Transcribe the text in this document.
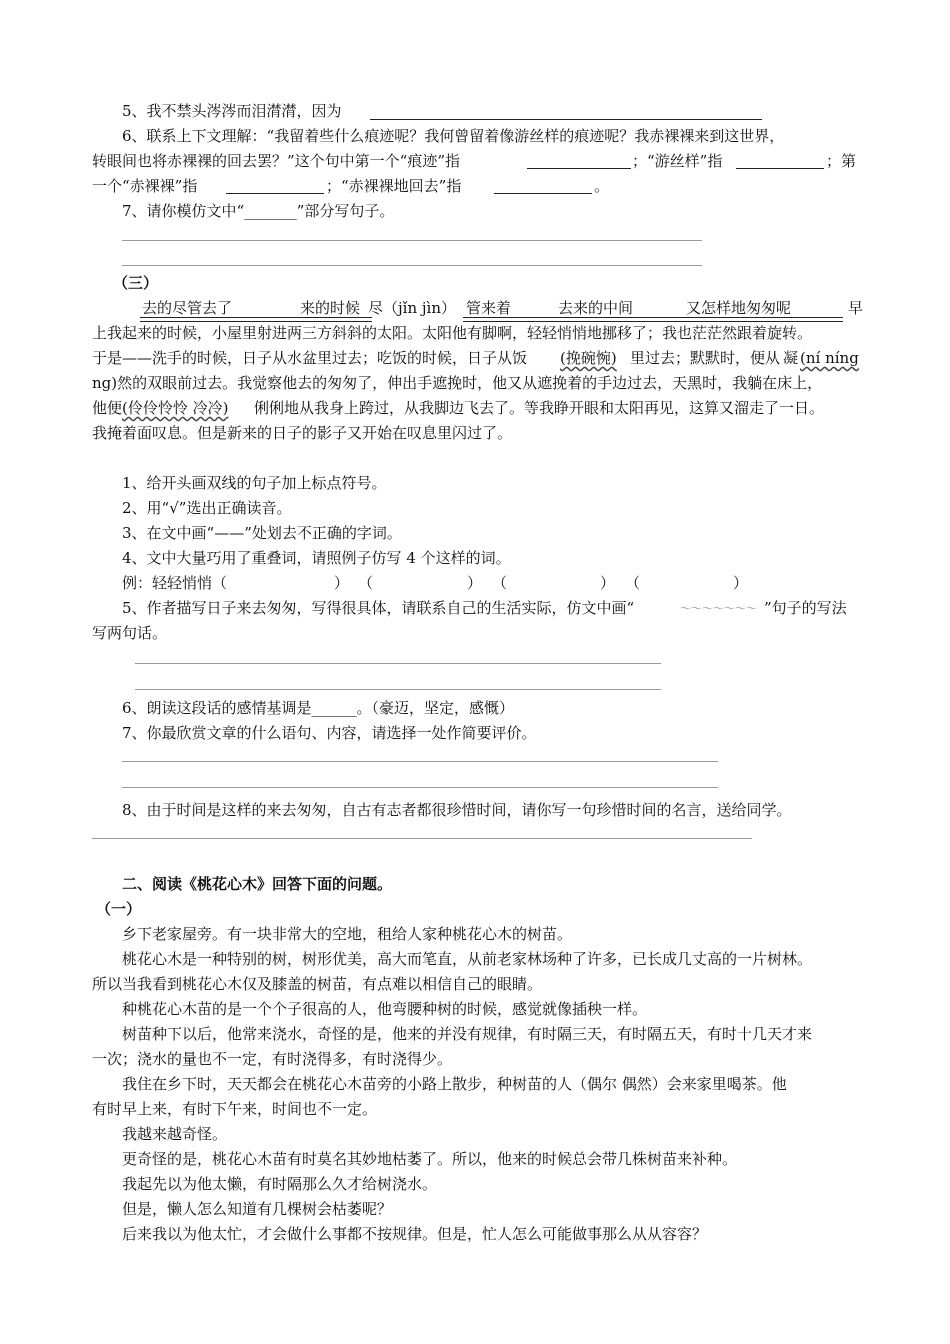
5、我不禁头涔涔而泪潸潸，因为
6、联系上下文理解：“我留着些什么痕迹呢？我何曾留着像游丝样的痕迹呢？我赤裸裸来到这世界，
转眼间也将赤裸裸的回去罢？”这个句中第一个“痕迹”指	；“游丝样”指	；第
一个“赤裸裸”指	；“赤裸裸地回去”指	。
7、请你模仿文中“_______”部分写句子。
（三）
去的尽管去了	来的时候 尽 （jǐn jìn） 管来着	去来的中间	又怎样地匆匆呢	早
上我起来的时候，小屋里射进两三方斜斜的太阳。太阳他有脚啊，轻轻悄悄地挪移了；我也茫茫然跟着旋转。
于是——洗手的时候，日子从水盆里过去；吃饭的时候，日子从饭 (挽碗惋) 里过去；默默时，便从 凝 (ní níng
ng)然的双眼前过去。我觉察他去的匆匆了，伸出手遮挽时，他又从遮挽着的手边过去，天黑时，我躺在床上，
他便 (伶伶怜怜 冷冷) 俐俐地从我身上跨过，从我脚边飞去了。等我睁开眼和太阳再见，这算又溜走了一日。
我掩着面叹息。但是新来的日子的影子又开始在叹息里闪过了。
1、给开头画双线的句子加上标点符号。
2、用“√”选出正确读音。
3、在文中画“——”处划去不正确的字词。
4、文中大量巧用了重叠词，请照例子仿写 4 个这样的词。
例：轻轻悄悄（	） （	） （	） （	）
5、作者描写日子来去匆匆，写得很具体，请联系自己的生活实际，仿文中画“	～～～～～～～ ”句子的写法
写两句话。
6、朗读这段话的感情基调是______。（豪迈，坚定，感慨）
7、你最欣赏文章的什么语句、内容，请选择一处作简要评价。
8、由于时间是这样的来去匆匆，自古有志者都很珍惜时间，请你写一句珍惜时间的名言，送给同学。
二、阅读《桃花心木》回答下面的问题。
（一）
乡下老家屋旁。有一块非常大的空地，租给人家种桃花心木的树苗。
桃花心木是一种特别的树，树形优美，高大而笔直，从前老家林场种了许多，已长成几丈高的一片树林。
所以当我看到桃花心木仅及膝盖的树苗，有点难以相信自己的眼睛。
种桃花心木苗的是一个个子很高的人，他弯腰种树的时候，感觉就像插秧一样。
树苗种下以后，他常来浇水，奇怪的是，他来的并没有规律，有时隔三天，有时隔五天，有时十几天才来
一次；浇水的量也不一定，有时浇得多，有时浇得少。
我住在乡下时，天天都会在桃花心木苗旁的小路上散步，种树苗的人（偶尔 偶然）会来家里喝茶。他
有时早上来，有时下午来，时间也不一定。
我越来越奇怪。
更奇怪的是，桃花心木苗有时莫名其妙地枯萎了。所以，他来的时候总会带几株树苗来补种。
我起先以为他太懒，有时隔那么久才给树浇水。
但是，懒人怎么知道有几棵树会枯萎呢？
后来我以为他太忙，才会做什么事都不按规律。但是，忙人怎么可能做事那么从从容容？
